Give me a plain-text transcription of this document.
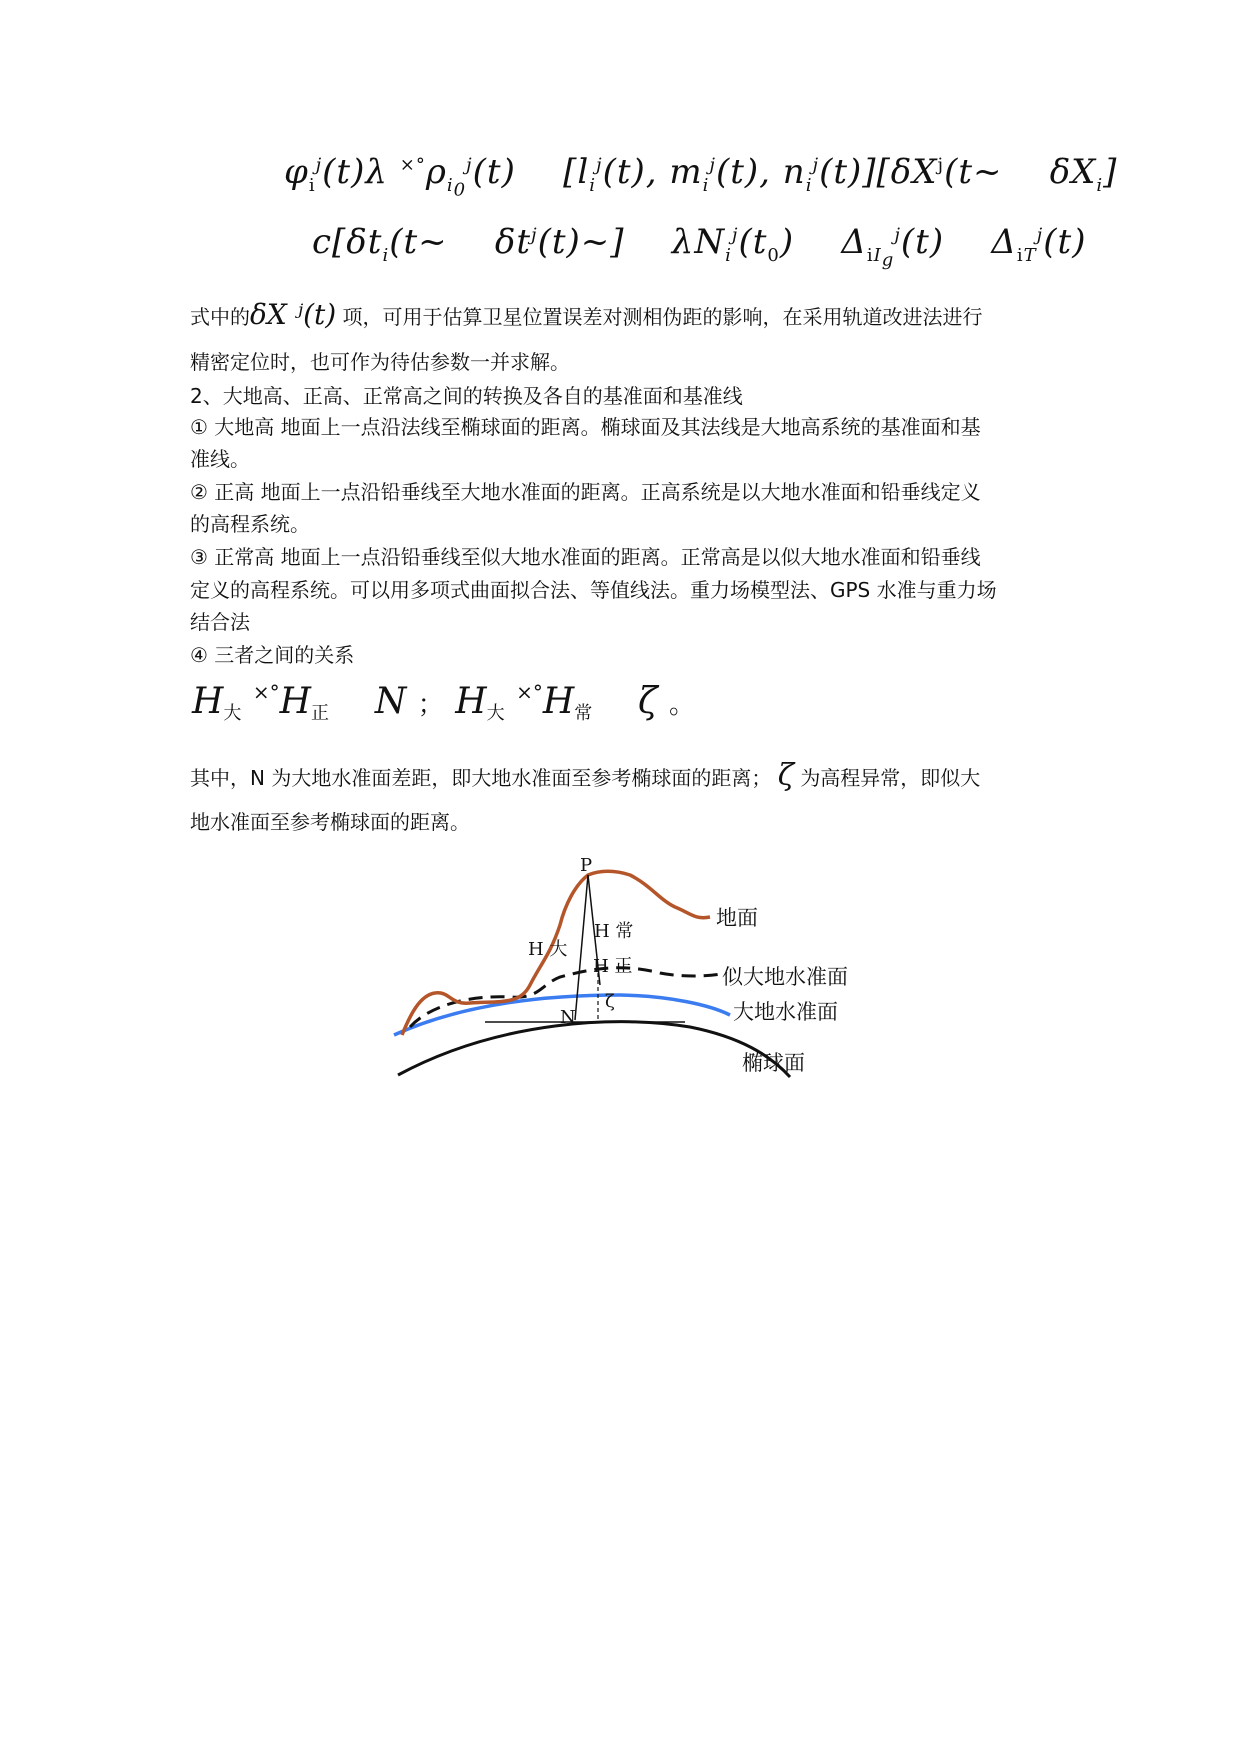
$\varphi_i^j(t)\lambda$ $^{\times^\circ}\rho_{i_0}^j(t)$    [$l_i^j(t)$, $m_i^j(t)$, $n_i^j(t)][\delta X^j(t\sim$    $\delta X_i$]
$c[\delta t_i(t\sim$    $\delta t^j(t)\sim$]    $\lambda N_i^j(t_0)$    $\Delta_{iI_g}^j(t)$    $\Delta_{iT}^j(t)$
式中的δX ʲ(t) 项，可用于估算卫星位置误差对测相伪距的影响，在采用轨道改进法进行
精密定位时，也可作为待估参数一并求解。
2、大地高、正高、正常高之间的转换及各自的基准面和基准线
① 大地高 地面上一点沿法线至椭球面的距离。椭球面及其法线是大地高系统的基准面和基
准线。
② 正高 地面上一点沿铅垂线至大地水准面的距离。正高系统是以大地水准面和铅垂线定义
的高程系统。
③ 正常高 地面上一点沿铅垂线至似大地水准面的距离。正常高是以似大地水准面和铅垂线
定义的高程系统。可以用多项式曲面拟合法、等值线法。重力场模型法、GPS 水准与重力场
结合法
④ 三者之间的关系
H大 ×°H正 N ； H大 ×°H常 ζ 。
其中，N 为大地水准面差距，即大地水准面至参考椭球面的距离； ζ 为高程异常，即似大
地水准面至参考椭球面的距离。
P
N
ζ
H 大
H 常
H 正
地面
似大地水准面
大地水准面
椭球面
